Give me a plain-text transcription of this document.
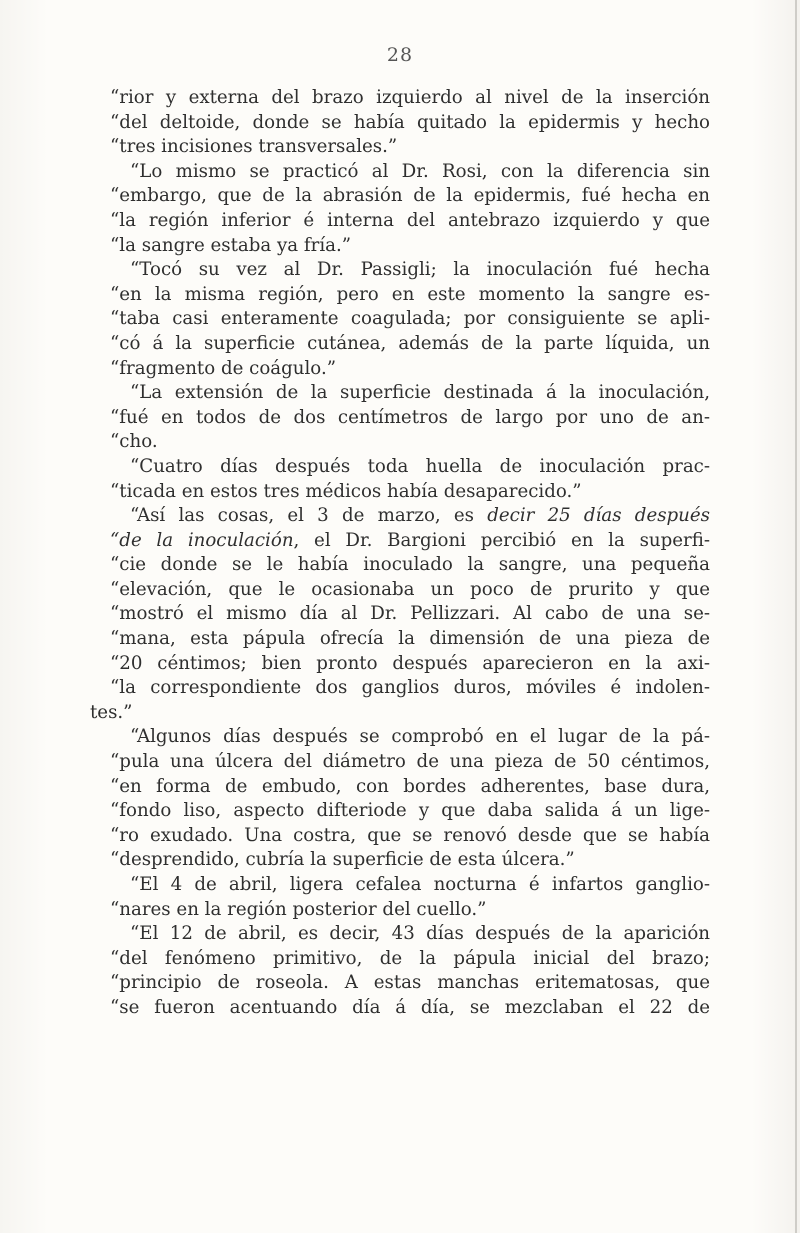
28
“rior y externa del brazo izquierdo al nivel de la inserción
“del deltoide, donde se había quitado la epidermis y hecho
“tres incisiones transversales.”
“Lo mismo se practicó al Dr. Rosi, con la diferencia sin
“embargo, que de la abrasión de la epidermis, fué hecha en
“la región inferior é interna del antebrazo izquierdo y que
“la sangre estaba ya fría.”
“Tocó su vez al Dr. Passigli; la inoculación fué hecha
“en la misma región, pero en este momento la sangre es-
“taba casi enteramente coagulada; por consiguiente se apli-
“có á la superficie cutánea, además de la parte líquida, un
“fragmento de coágulo.”
“La extensión de la superficie destinada á la inoculación,
“fué en todos de dos centímetros de largo por uno de an-
“cho.
“Cuatro días después toda huella de inoculación prac-
“ticada en estos tres médicos había desaparecido.”
“Así las cosas, el 3 de marzo, es decir 25 días después
“de la inoculación, el Dr. Bargioni percibió en la superfi-
“cie donde se le había inoculado la sangre, una pequeña
“elevación, que le ocasionaba un poco de prurito y que
“mostró el mismo día al Dr. Pellizzari. Al cabo de una se-
“mana, esta pápula ofrecía la dimensión de una pieza de
“20 céntimos; bien pronto después aparecieron en la axi-
“la correspondiente dos ganglios duros, móviles é indolen-
tes.”
“Algunos días después se comprobó en el lugar de la pá-
“pula una úlcera del diámetro de una pieza de 50 céntimos,
“en forma de embudo, con bordes adherentes, base dura,
“fondo liso, aspecto difteriode y que daba salida á un lige-
“ro exudado. Una costra, que se renovó desde que se había
“desprendido, cubría la superficie de esta úlcera.”
“El 4 de abril, ligera cefalea nocturna é infartos ganglio-
“nares en la región posterior del cuello.”
“El 12 de abril, es decir, 43 días después de la aparición
“del fenómeno primitivo, de la pápula inicial del brazo;
“principio de roseola. A estas manchas eritematosas, que
“se fueron acentuando día á día, se mezclaban el 22 de
